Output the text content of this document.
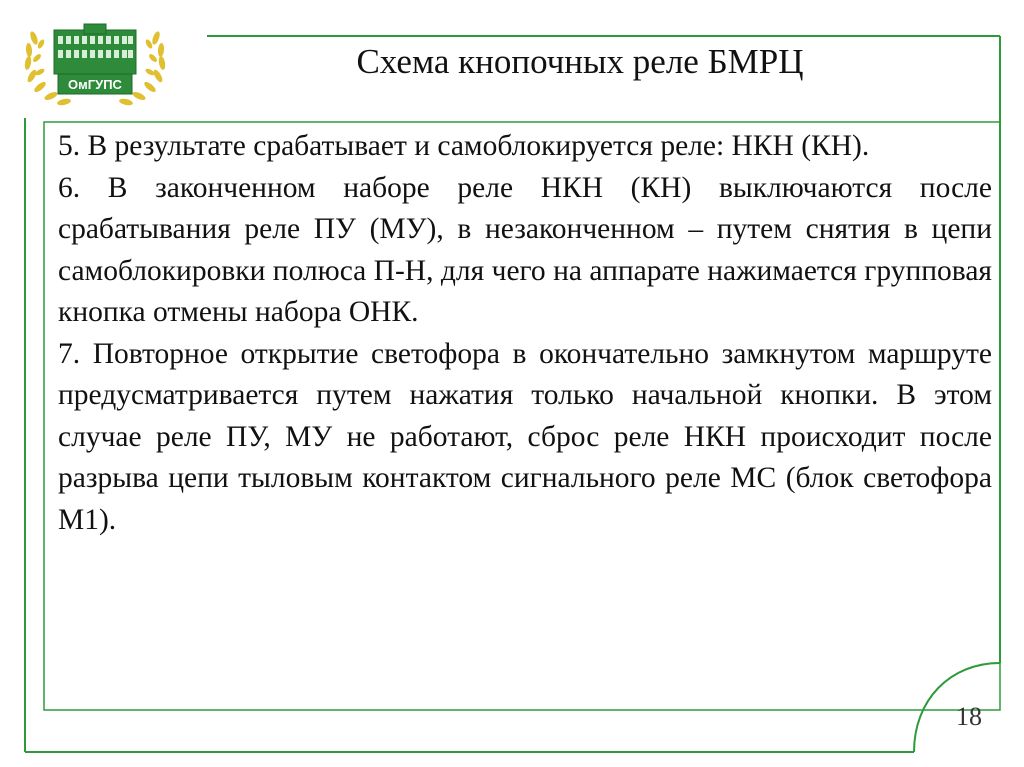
ОмГУПС
Схема кнопочных реле БМРЦ

5. В результате срабатывает и самоблокируется реле: НКН (КН).

6. В законченном наборе реле НКН (КН) выключаются после срабатывания реле ПУ (МУ), в незаконченном – путем снятия в цепи самоблокировки полюса П-Н, для чего на аппарате нажимается групповая кнопка отмены набора ОНК.

7. Повторное открытие светофора в окончательно замкнутом маршруте предусматривается путем нажатия только начальной кнопки. В этом случае реле ПУ, МУ не работают, сброс реле НКН происходит после разрыва цепи тыловым контактом сигнального реле МС (блок светофора М1).

18
